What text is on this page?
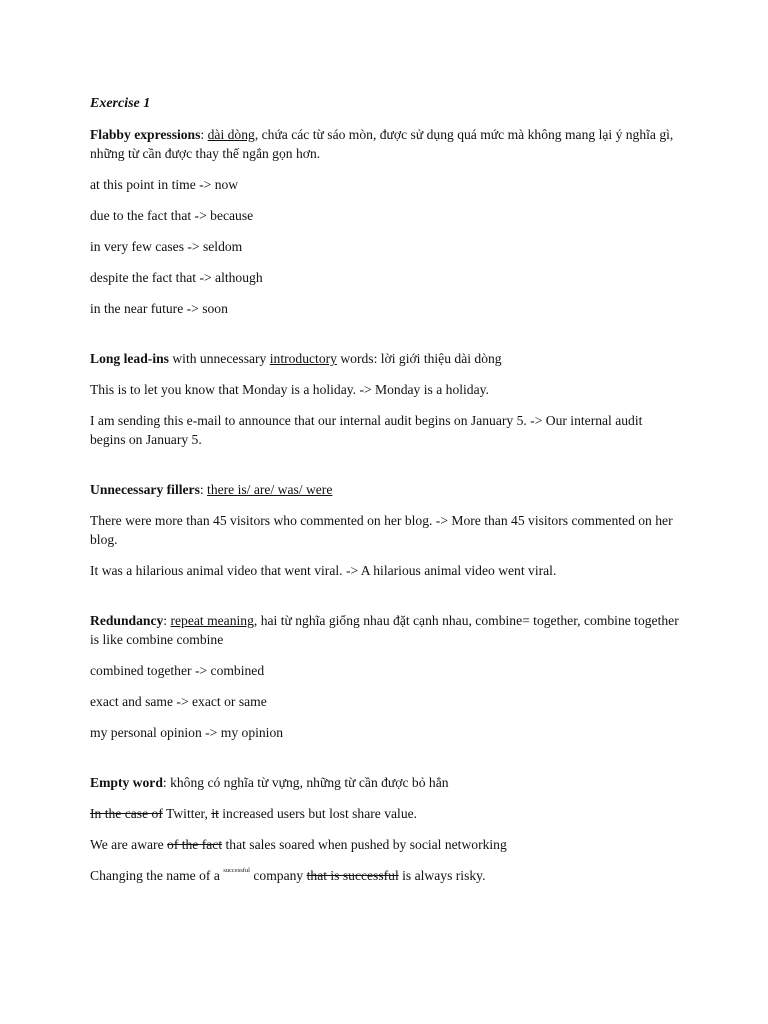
Exercise 1

Flabby expressions: dài dòng, chứa các từ sáo mòn, được sử dụng quá mức mà không mang lại ý nghĩa gì, những từ cần được thay thế ngắn gọn hơn.

at this point in time -> now

due to the fact that -> because

in very few cases -> seldom

despite the fact that -> although

in the near future -> soon

Long lead-ins with unnecessary introductory words: lời giới thiệu dài dòng

This is to let you know that Monday is a holiday. -> Monday is a holiday.

I am sending this e-mail to announce that our internal audit begins on January 5. -> Our internal audit begins on January 5.

Unnecessary fillers: there is/ are/ was/ were

There were more than 45 visitors who commented on her blog. -> More than 45 visitors commented on her blog.

It was a hilarious animal video that went viral. -> A hilarious animal video went viral.

Redundancy: repeat meaning, hai từ nghĩa giống nhau đặt cạnh nhau, combine= together, combine together is like combine combine

combined together -> combined

exact and same -> exact or same

my personal opinion -> my opinion

Empty word: không có nghĩa từ vựng, những từ cần được bỏ hẳn

In the case of Twitter, it increased users but lost share value.

We are aware of the fact that sales soared when pushed by social networking

Changing the name of a $^{successful}$ company that is successful is always risky.
